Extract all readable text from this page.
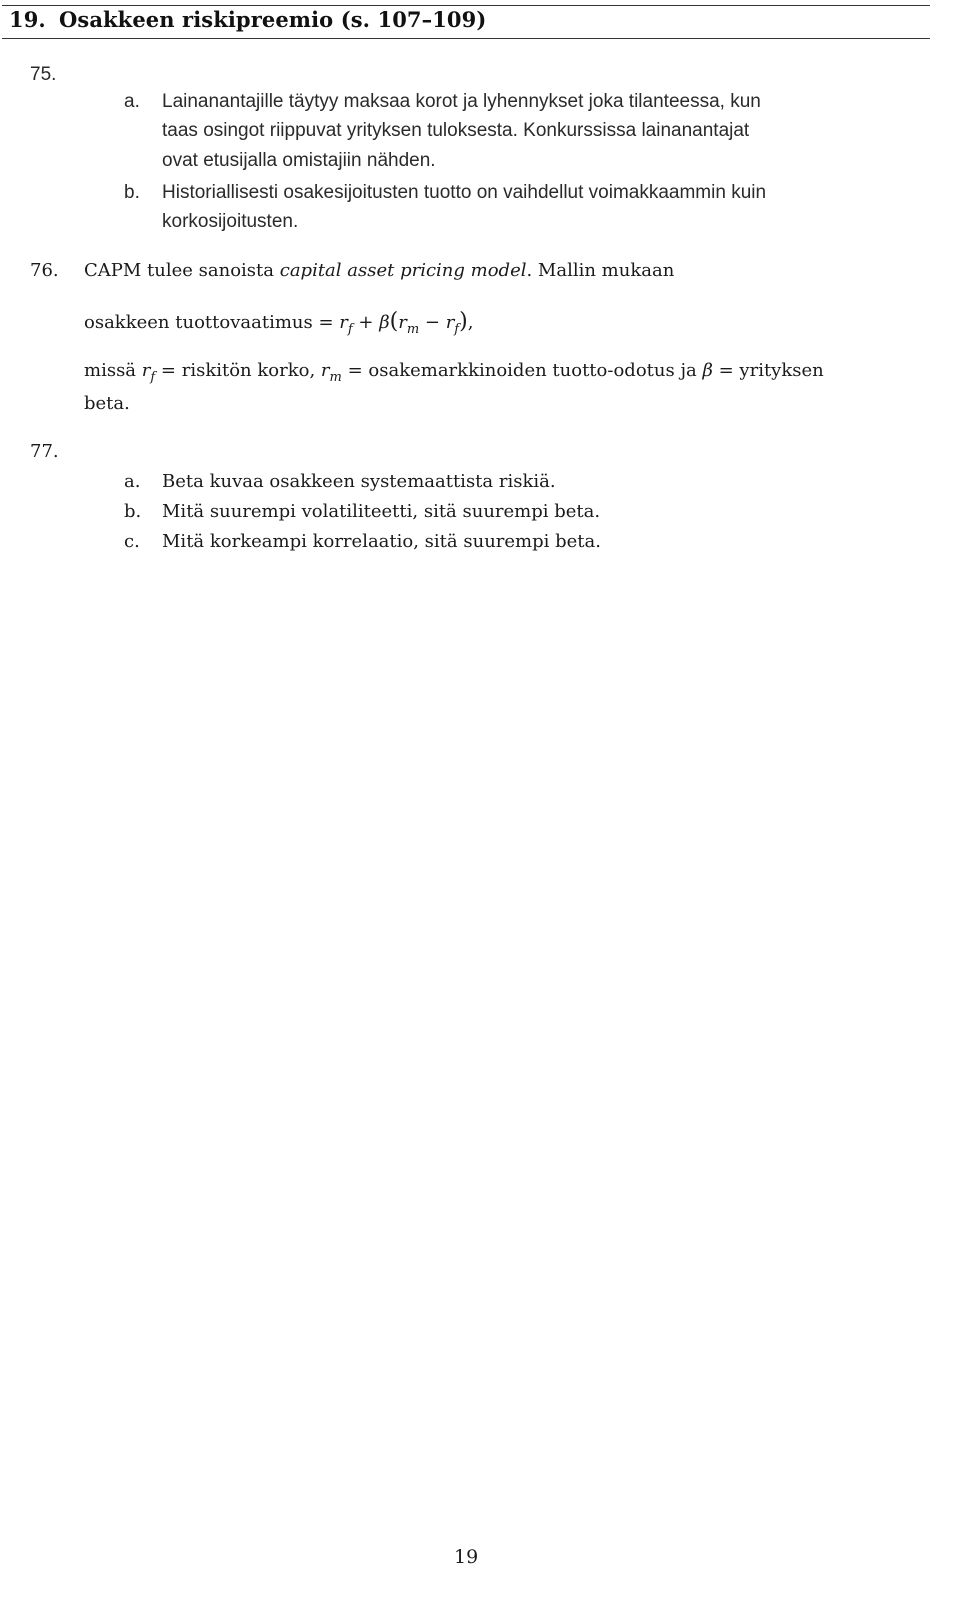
19. Osakkeen riskipreemio (s. 107–109)
75.
a. Lainanantajille täytyy maksaa korot ja lyhennykset joka tilanteessa, kun
taas osingot riippuvat yrityksen tuloksesta. Konkurssissa lainanantajat
ovat etusijalla omistajiin nähden.
b. Historiallisesti osakesijoitusten tuotto on vaihdellut voimakkaammin kuin
korkosijoitusten.
76. CAPM tulee sanoista capital asset pricing model. Mallin mukaan
osakkeen tuottovaatimus = $r_f + \beta(r_m - r_f)$,
missä $r_f$ = riskitön korko, $r_m$ = osakemarkkinoiden tuotto-odotus ja β = yrityksen
beta.
77.
a. Beta kuvaa osakkeen systemaattista riskiä.
b. Mitä suurempi volatiliteetti, sitä suurempi beta.
c. Mitä korkeampi korrelaatio, sitä suurempi beta.
19
